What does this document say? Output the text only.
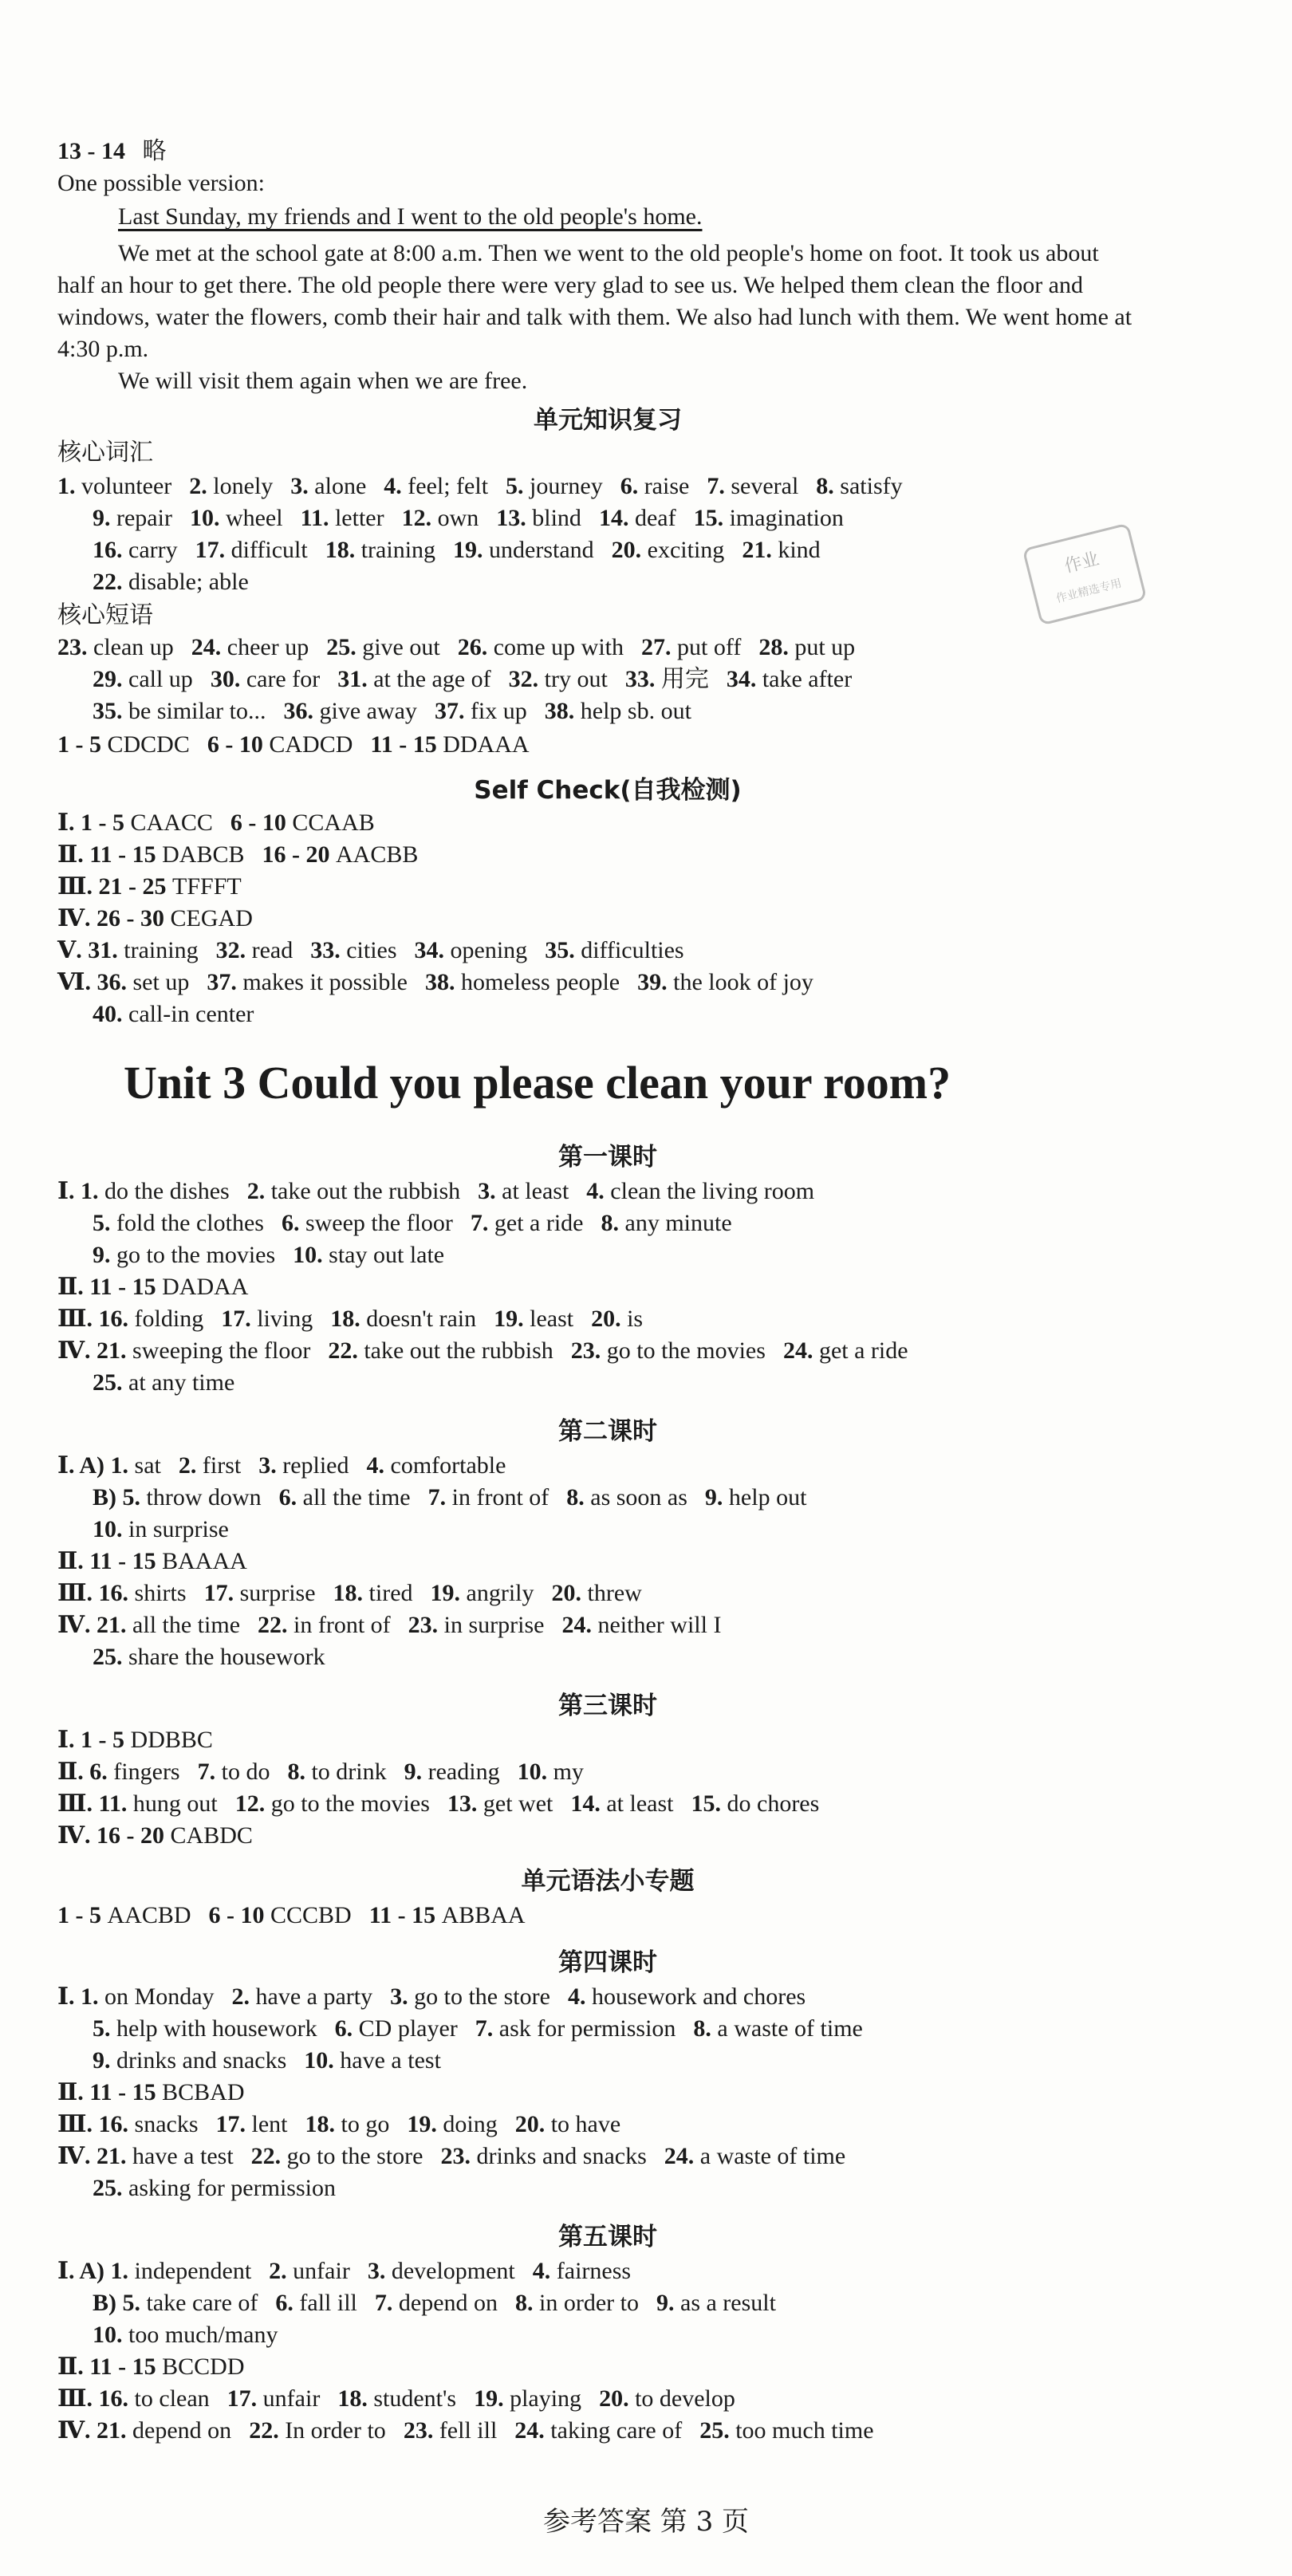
13 - 14 略
One possible version:
Last Sunday, my friends and I went to the old people's home.
We met at the school gate at 8:00 a.m. Then we went to the old people's home on foot. It took us about half an hour to get there. The old people there were very glad to see us. We helped them clean the floor and windows, water the flowers, comb their hair and talk with them. We also had lunch with them. We went home at 4:30 p.m.
We will visit them again when we are free.
单元知识复习
核心词汇
1. volunteer 2. lonely 3. alone 4. feel; felt 5. journey 6. raise 7. several 8. satisfy
9. repair 10. wheel 11. letter 12. own 13. blind 14. deaf 15. imagination
16. carry 17. difficult 18. training 19. understand 20. exciting 21. kind
22. disable; able
核心短语
23. clean up 24. cheer up 25. give out 26. come up with 27. put off 28. put up
29. call up 30. care for 31. at the age of 32. try out 33. 用完 34. take after
35. be similar to... 36. give away 37. fix up 38. help sb. out
1 - 5 CDCDC 6 - 10 CADCD 11 - 15 DDAAA
Self Check(自我检测)
Ⅰ. 1 - 5 CAACC 6 - 10 CCAAB
Ⅱ. 11 - 15 DABCB 16 - 20 AACBB
Ⅲ. 21 - 25 TFFFT
Ⅳ. 26 - 30 CEGAD
Ⅴ. 31. training 32. read 33. cities 34. opening 35. difficulties
Ⅵ. 36. set up 37. makes it possible 38. homeless people 39. the look of joy
40. call-in center
Unit 3 Could you please clean your room?
第一课时
Ⅰ. 1. do the dishes 2. take out the rubbish 3. at least 4. clean the living room
5. fold the clothes 6. sweep the floor 7. get a ride 8. any minute
9. go to the movies 10. stay out late
Ⅱ. 11 - 15 DADAA
Ⅲ. 16. folding 17. living 18. doesn't rain 19. least 20. is
Ⅳ. 21. sweeping the floor 22. take out the rubbish 23. go to the movies 24. get a ride
25. at any time
第二课时
Ⅰ. A) 1. sat 2. first 3. replied 4. comfortable
B) 5. throw down 6. all the time 7. in front of 8. as soon as 9. help out
10. in surprise
Ⅱ. 11 - 15 BAAAA
Ⅲ. 16. shirts 17. surprise 18. tired 19. angrily 20. threw
Ⅳ. 21. all the time 22. in front of 23. in surprise 24. neither will I
25. share the housework
第三课时
Ⅰ. 1 - 5 DDBBC
Ⅱ. 6. fingers 7. to do 8. to drink 9. reading 10. my
Ⅲ. 11. hung out 12. go to the movies 13. get wet 14. at least 15. do chores
Ⅳ. 16 - 20 CABDC
单元语法小专题
1 - 5 AACBD 6 - 10 CCCBD 11 - 15 ABBAA
第四课时
Ⅰ. 1. on Monday 2. have a party 3. go to the store 4. housework and chores
5. help with housework 6. CD player 7. ask for permission 8. a waste of time
9. drinks and snacks 10. have a test
Ⅱ. 11 - 15 BCBAD
Ⅲ. 16. snacks 17. lent 18. to go 19. doing 20. to have
Ⅳ. 21. have a test 22. go to the store 23. drinks and snacks 24. a waste of time
25. asking for permission
第五课时
Ⅰ. A) 1. independent 2. unfair 3. development 4. fairness
B) 5. take care of 6. fall ill 7. depend on 8. in order to 9. as a result
10. too much/many
Ⅱ. 11 - 15 BCCDD
Ⅲ. 16. to clean 17. unfair 18. student's 19. playing 20. to develop
Ⅳ. 21. depend on 22. In order to 23. fell ill 24. taking care of 25. too much time
参考答案 第 3 页
作业
作业精选专用
